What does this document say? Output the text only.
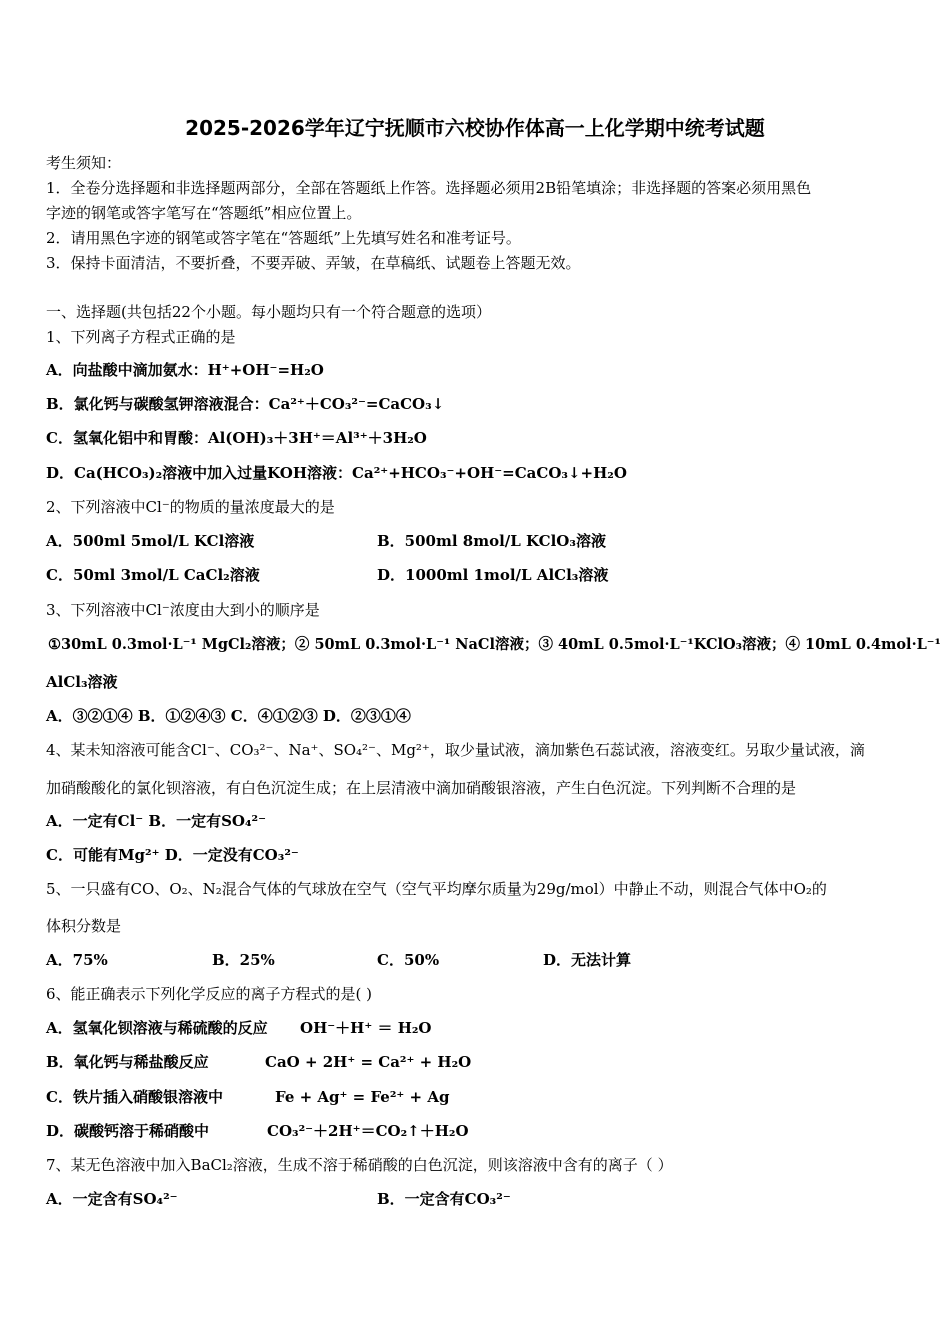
2025-2026学年辽宁抚顺市六校协作体高一上化学期中统考试题
考生须知：
1．全卷分选择题和非选择题两部分，全部在答题纸上作答。选择题必须用2B铅笔填涂；非选择题的答案必须用黑色
字迹的钢笔或答字笔写在“答题纸”相应位置上。
2．请用黑色字迹的钢笔或答字笔在“答题纸”上先填写姓名和准考证号。
3．保持卡面清洁，不要折叠，不要弄破、弄皱，在草稿纸、试题卷上答题无效。
一、选择题(共包括22个小题。每小题均只有一个符合题意的选项）
1、下列离子方程式正确的是
A．向盐酸中滴加氨水：H⁺+OH⁻=H₂O
B．氯化钙与碳酸氢钾溶液混合：Ca²⁺＋CO₃²⁻=CaCO₃↓
C．氢氧化铝中和胃酸：Al(OH)₃＋3H⁺＝Al³⁺＋3H₂O
D．Ca(HCO₃)₂溶液中加入过量KOH溶液：Ca²⁺+HCO₃⁻+OH⁻=CaCO₃↓+H₂O
2、下列溶液中Cl⁻的物质的量浓度最大的是
A．500ml 5mol/L KCl溶液	B．500ml 8mol/L KClO₃溶液
C．50ml 3mol/L CaCl₂溶液	D．1000ml 1mol/L AlCl₃溶液
3、下列溶液中Cl⁻浓度由大到小的顺序是
①30mL 0.3mol·L⁻¹ MgCl₂溶液；② 50mL 0.3mol·L⁻¹ NaCl溶液；③ 40mL 0.5mol·L⁻¹KClO₃溶液；④ 10mL 0.4mol·L⁻¹
AlCl₃溶液
A．③②①④ B．①②④③ C．④①②③ D．②③①④
4、某未知溶液可能含Cl⁻、CO₃²⁻、Na⁺、SO₄²⁻、Mg²⁺，取少量试液，滴加紫色石蕊试液，溶液变红。另取少量试液，滴
加硝酸酸化的氯化钡溶液，有白色沉淀生成；在上层清液中滴加硝酸银溶液，产生白色沉淀。下列判断不合理的是
A．一定有Cl⁻ B．一定有SO₄²⁻
C．可能有Mg²⁺ D．一定没有CO₃²⁻
5、一只盛有CO、O₂、N₂混合气体的气球放在空气（空气平均摩尔质量为29g/mol）中静止不动，则混合气体中O₂的
体积分数是
A．75%	B．25%	C．50%	D．无法计算
6、能正确表示下列化学反应的离子方程式的是( )
A．氢氧化钡溶液与稀硫酸的反应 OH⁻＋H⁺ ＝ H₂O
B．氧化钙与稀盐酸反应	CaO + 2H⁺ = Ca²⁺ + H₂O
C．铁片插入硝酸银溶液中	Fe + Ag⁺ = Fe²⁺ + Ag
D．碳酸钙溶于稀硝酸中	CO₃²⁻＋2H⁺＝CO₂↑＋H₂O
7、某无色溶液中加入BaCl₂溶液，生成不溶于稀硝酸的白色沉淀，则该溶液中含有的离子（ ）
A．一定含有SO₄²⁻	B．一定含有CO₃²⁻
